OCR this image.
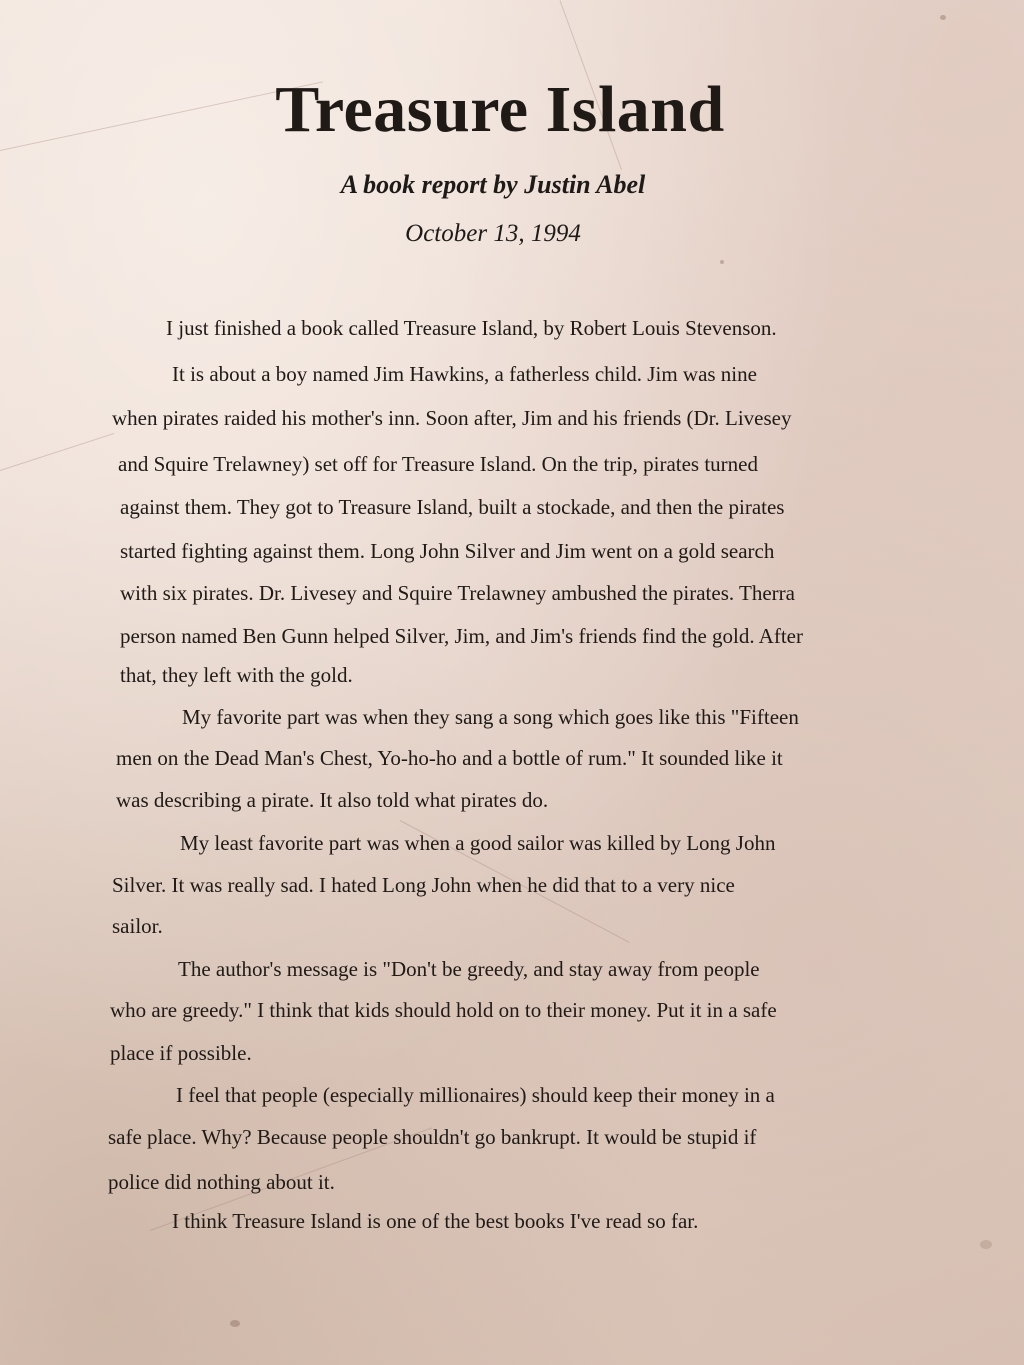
Treasure Island
A book report by Justin Abel
October 13, 1994
I just finished a book called Treasure Island, by Robert Louis Stevenson.
It is about a boy named Jim Hawkins, a fatherless child. Jim was nine
when pirates raided his mother's inn. Soon after, Jim and his friends (Dr. Livesey
and Squire Trelawney) set off for Treasure Island. On the trip, pirates turned
against them. They got to Treasure Island, built a stockade, and then the pirates
started fighting against them. Long John Silver and Jim went on a gold search
with six pirates. Dr. Livesey and Squire Trelawney ambushed the pirates. Therra
person named Ben Gunn helped Silver, Jim, and Jim's friends find the gold. After
that, they left with the gold.
My favorite part was when they sang a song which goes like this "Fifteen
men on the Dead Man's Chest, Yo-ho-ho and a bottle of rum." It sounded like it
was describing a pirate. It also told what pirates do.
My least favorite part was when a good sailor was killed by Long John
Silver. It was really sad. I hated Long John when he did that to a very nice
sailor.
The author's message is "Don't be greedy, and stay away from people
who are greedy." I think that kids should hold on to their money. Put it in a safe
place if possible.
I feel that people (especially millionaires) should keep their money in a
safe place. Why? Because people shouldn't go bankrupt. It would be stupid if
police did nothing about it.
I think Treasure Island is one of the best books I've read so far.
